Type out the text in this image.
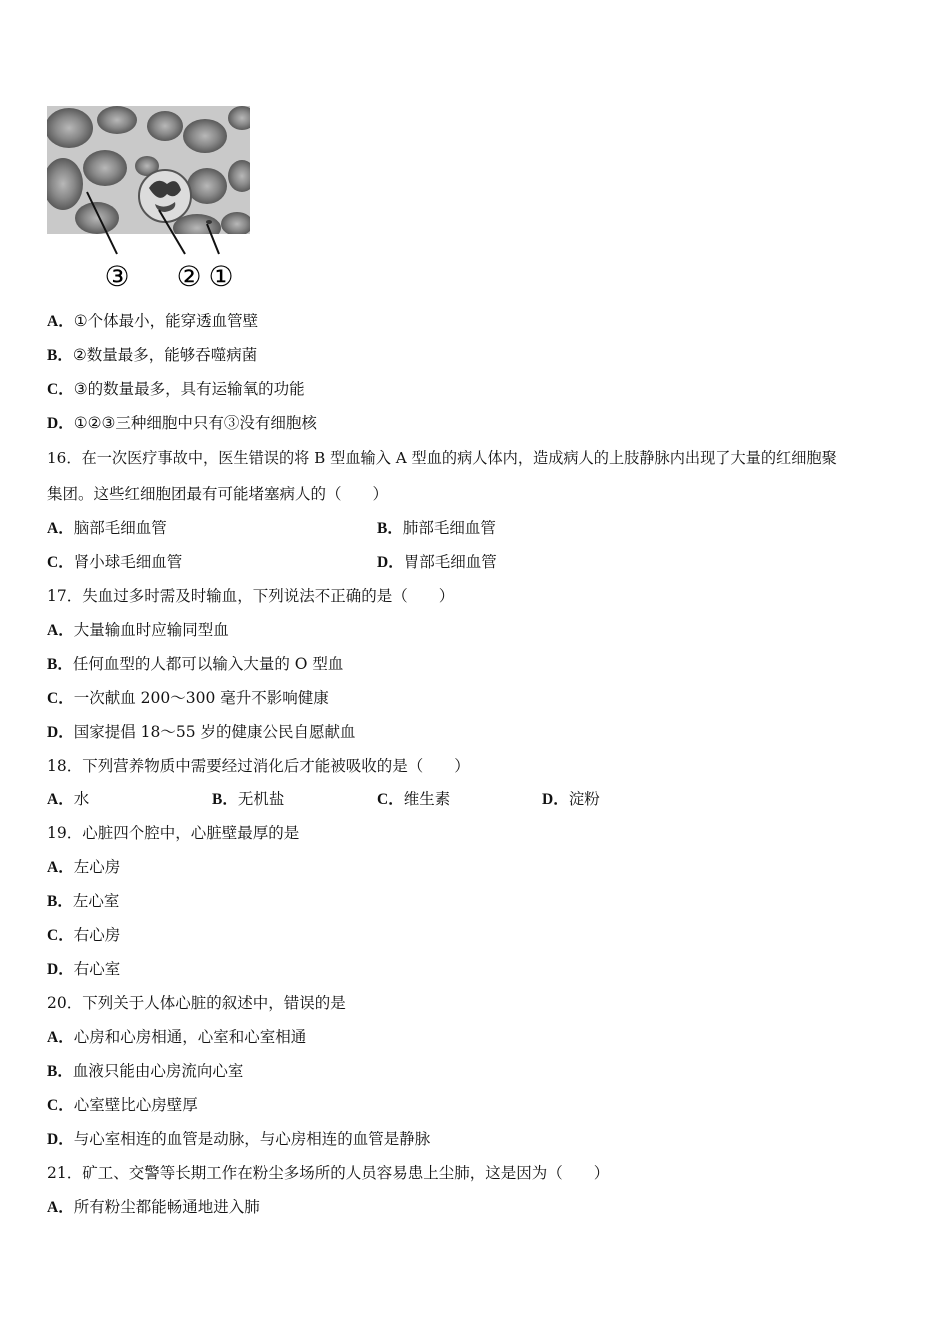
③ ② ①
A．①个体最小，能穿透血管壁
B．②数量最多，能够吞噬病菌
C．③的数量最多，具有运输氧的功能
D．①②③三种细胞中只有③没有细胞核
16．在一次医疗事故中，医生错误的将 B 型血输入 A 型血的病人体内，造成病人的上肢静脉内出现了大量的红细胞聚
集团。这些红细胞团最有可能堵塞病人的（　　）
A．脑部毛细血管	B．肺部毛细血管
C．肾小球毛细血管	D．胃部毛细血管
17．失血过多时需及时输血，下列说法不正确的是（　　）
A．大量输血时应输同型血
B．任何血型的人都可以输入大量的 O 型血
C．一次献血 200～300 毫升不影响健康
D．国家提倡 18～55 岁的健康公民自愿献血
18．下列营养物质中需要经过消化后才能被吸收的是（　　）
A．水	B．无机盐	C．维生素	D．淀粉
19．心脏四个腔中，心脏壁最厚的是
A．左心房
B．左心室
C．右心房
D．右心室
20．下列关于人体心脏的叙述中，错误的是
A．心房和心房相通，心室和心室相通
B．血液只能由心房流向心室
C．心室壁比心房壁厚
D．与心室相连的血管是动脉，与心房相连的血管是静脉
21．矿工、交警等长期工作在粉尘多场所的人员容易患上尘肺，这是因为（　　）
A．所有粉尘都能畅通地进入肺
